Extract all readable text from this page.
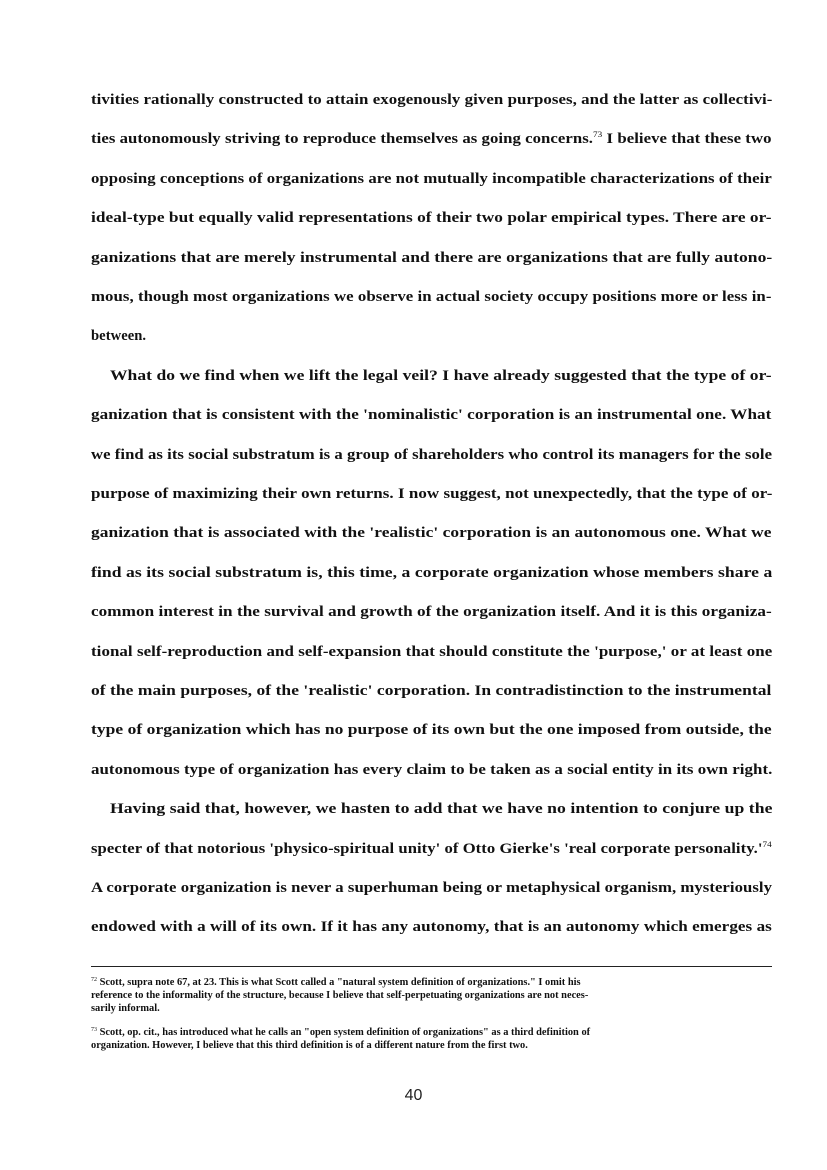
tivities rationally constructed to attain exogenously given purposes, and the latter as collectivi-
ties autonomously striving to reproduce themselves as going concerns.$^{73}$ I believe that these two
opposing conceptions of organizations are not mutually incompatible characterizations of their
ideal-type but equally valid representations of their two polar empirical types. There are or-
ganizations that are merely instrumental and there are organizations that are fully autono-
mous, though most organizations we observe in actual society occupy positions more or less in-
between.
What do we find when we lift the legal veil? I have already suggested that the type of or-
ganization that is consistent with the 'nominalistic' corporation is an instrumental one. What
we find as its social substratum is a group of shareholders who control its managers for the sole
purpose of maximizing their own returns. I now suggest, not unexpectedly, that the type of or-
ganization that is associated with the 'realistic' corporation is an autonomous one. What we
find as its social substratum is, this time, a corporate organization whose members share a
common interest in the survival and growth of the organization itself. And it is this organiza-
tional self-reproduction and self-expansion that should constitute the 'purpose,' or at least one
of the main purposes, of the 'realistic' corporation. In contradistinction to the instrumental
type of organization which has no purpose of its own but the one imposed from outside, the
autonomous type of organization has every claim to be taken as a social entity in its own right.
Having said that, however, we hasten to add that we have no intention to conjure up the
specter of that notorious 'physico-spiritual unity' of Otto Gierke's 'real corporate $personality.'^{74}$
A corporate organization is never a superhuman being or metaphysical organism, mysteriously
endowed with a will of its own. If it has any autonomy, that is an autonomy which emerges as
$^{72}$ Scott, supra note 67, at 23. This is what Scott called a "natural system definition of organizations." I omit his
reference to the informality of the structure, because I believe that self-perpetuating organizations are not neces-
sarily informal.
$^{73}$ Scott, op. cit., has introduced what he calls an "open system definition of organizations" as a third definition of
organization. However, I believe that this third definition is of a different nature from the first two.
40
